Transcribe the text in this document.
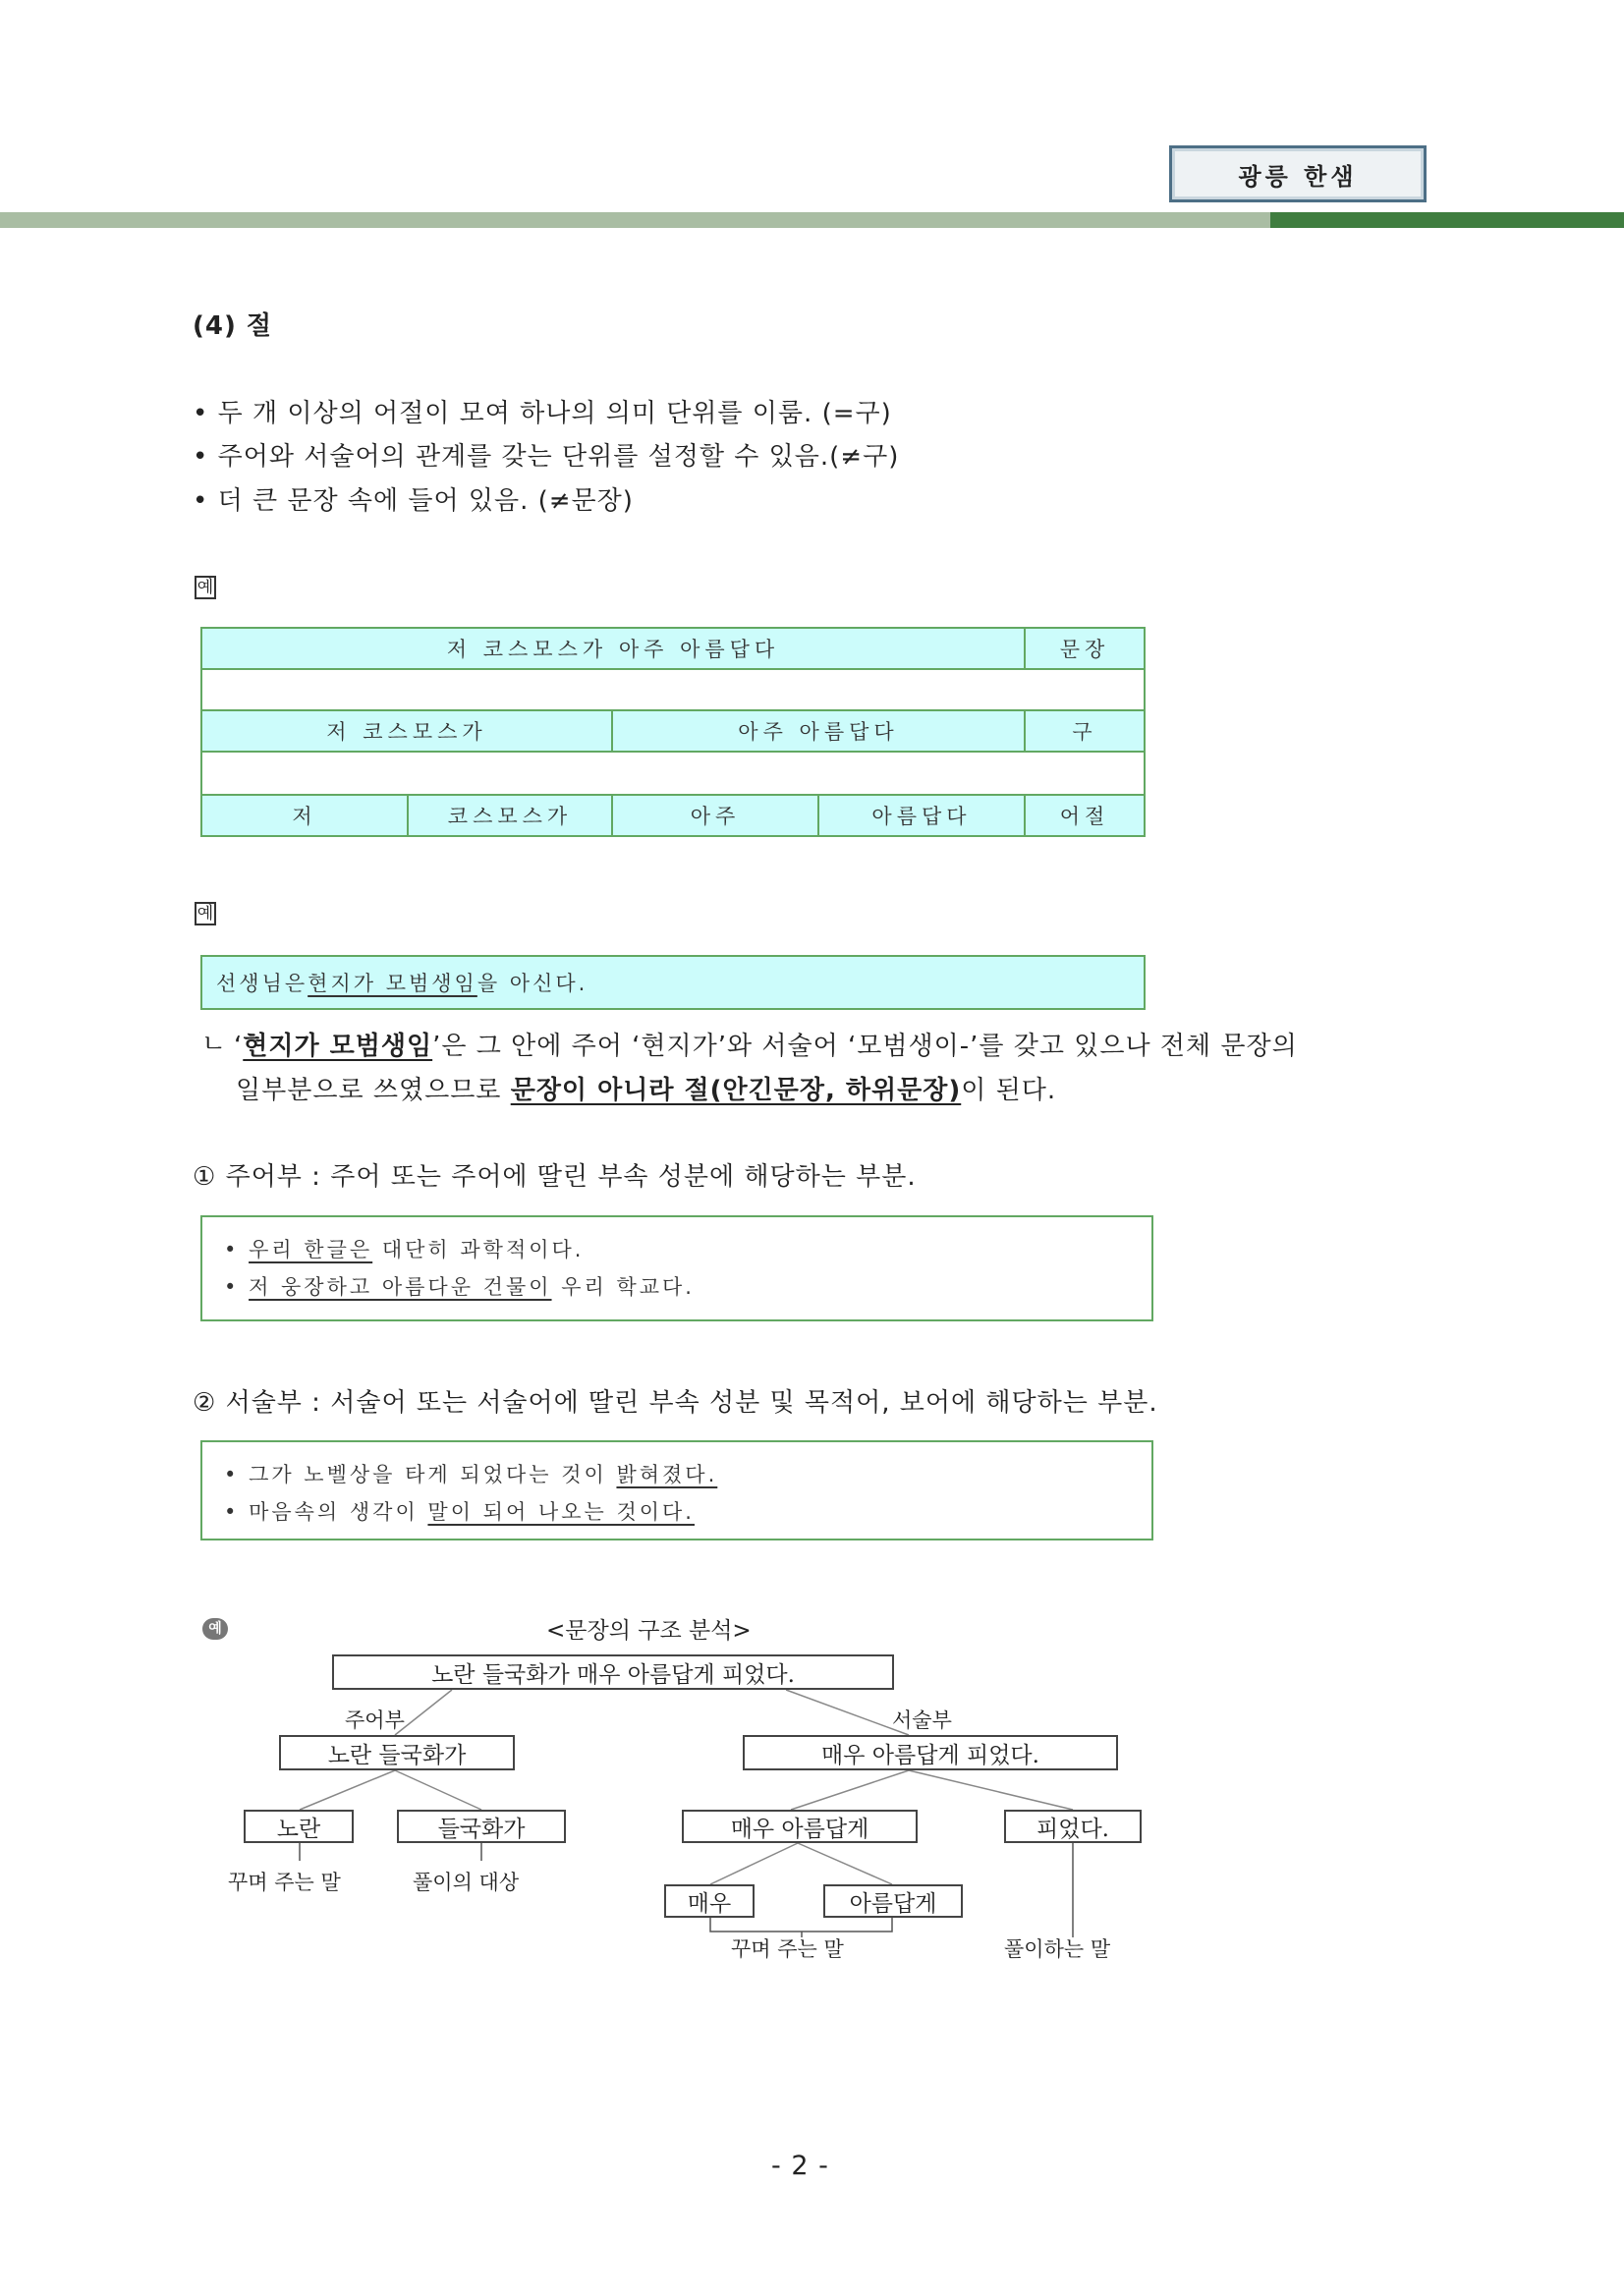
광릉 한샘
(4) 절
• 두 개 이상의 어절이 모여 하나의 의미 단위를 이룸. (=구)
• 주어와 서술어의 관계를 갖는 단위를 설정할 수 있음.(≠구)
• 더 큰 문장 속에 들어 있음. (≠문장)
예
저 코스모스가 아주 아름답다	문장
저 코스모스가	아주 아름답다	구
저	코스모스가	아주	아름답다	어절
예
선생님은 현지가 모범생임 을 아신다.
ㄴ ‘현지가 모범생임’은 그 안에 주어 ‘현지가’와 서술어 ‘모범생이-’를 갖고 있으나 전체 문장의
일부분으로 쓰였으므로 문장이 아니라 절(안긴문장, 하위문장)이 된다.
① 주어부 : 주어 또는 주어에 딸린 부속 성분에 해당하는 부분.
• 우리 한글은 대단히 과학적이다.
• 저 웅장하고 아름다운 건물이 우리 학교다.
② 서술부 : 서술어 또는 서술어에 딸린 부속 성분 및 목적어, 보어에 해당하는 부분.
• 그가 노벨상을 타게 되었다는 것이 밝혀졌다.
• 마음속의 생각이 말이 되어 나오는 것이다.
예	<문장의 구조 분석>
노란 들국화가 매우 아름답게 피었다.
주어부	서술부
노란 들국화가	매우 아름답게 피었다.
노란	들국화가	매우 아름답게	피었다.
매우	아름답게
꾸며 주는 말	풀이의 대상
꾸며 주는 말	풀이하는 말
- 2 -
